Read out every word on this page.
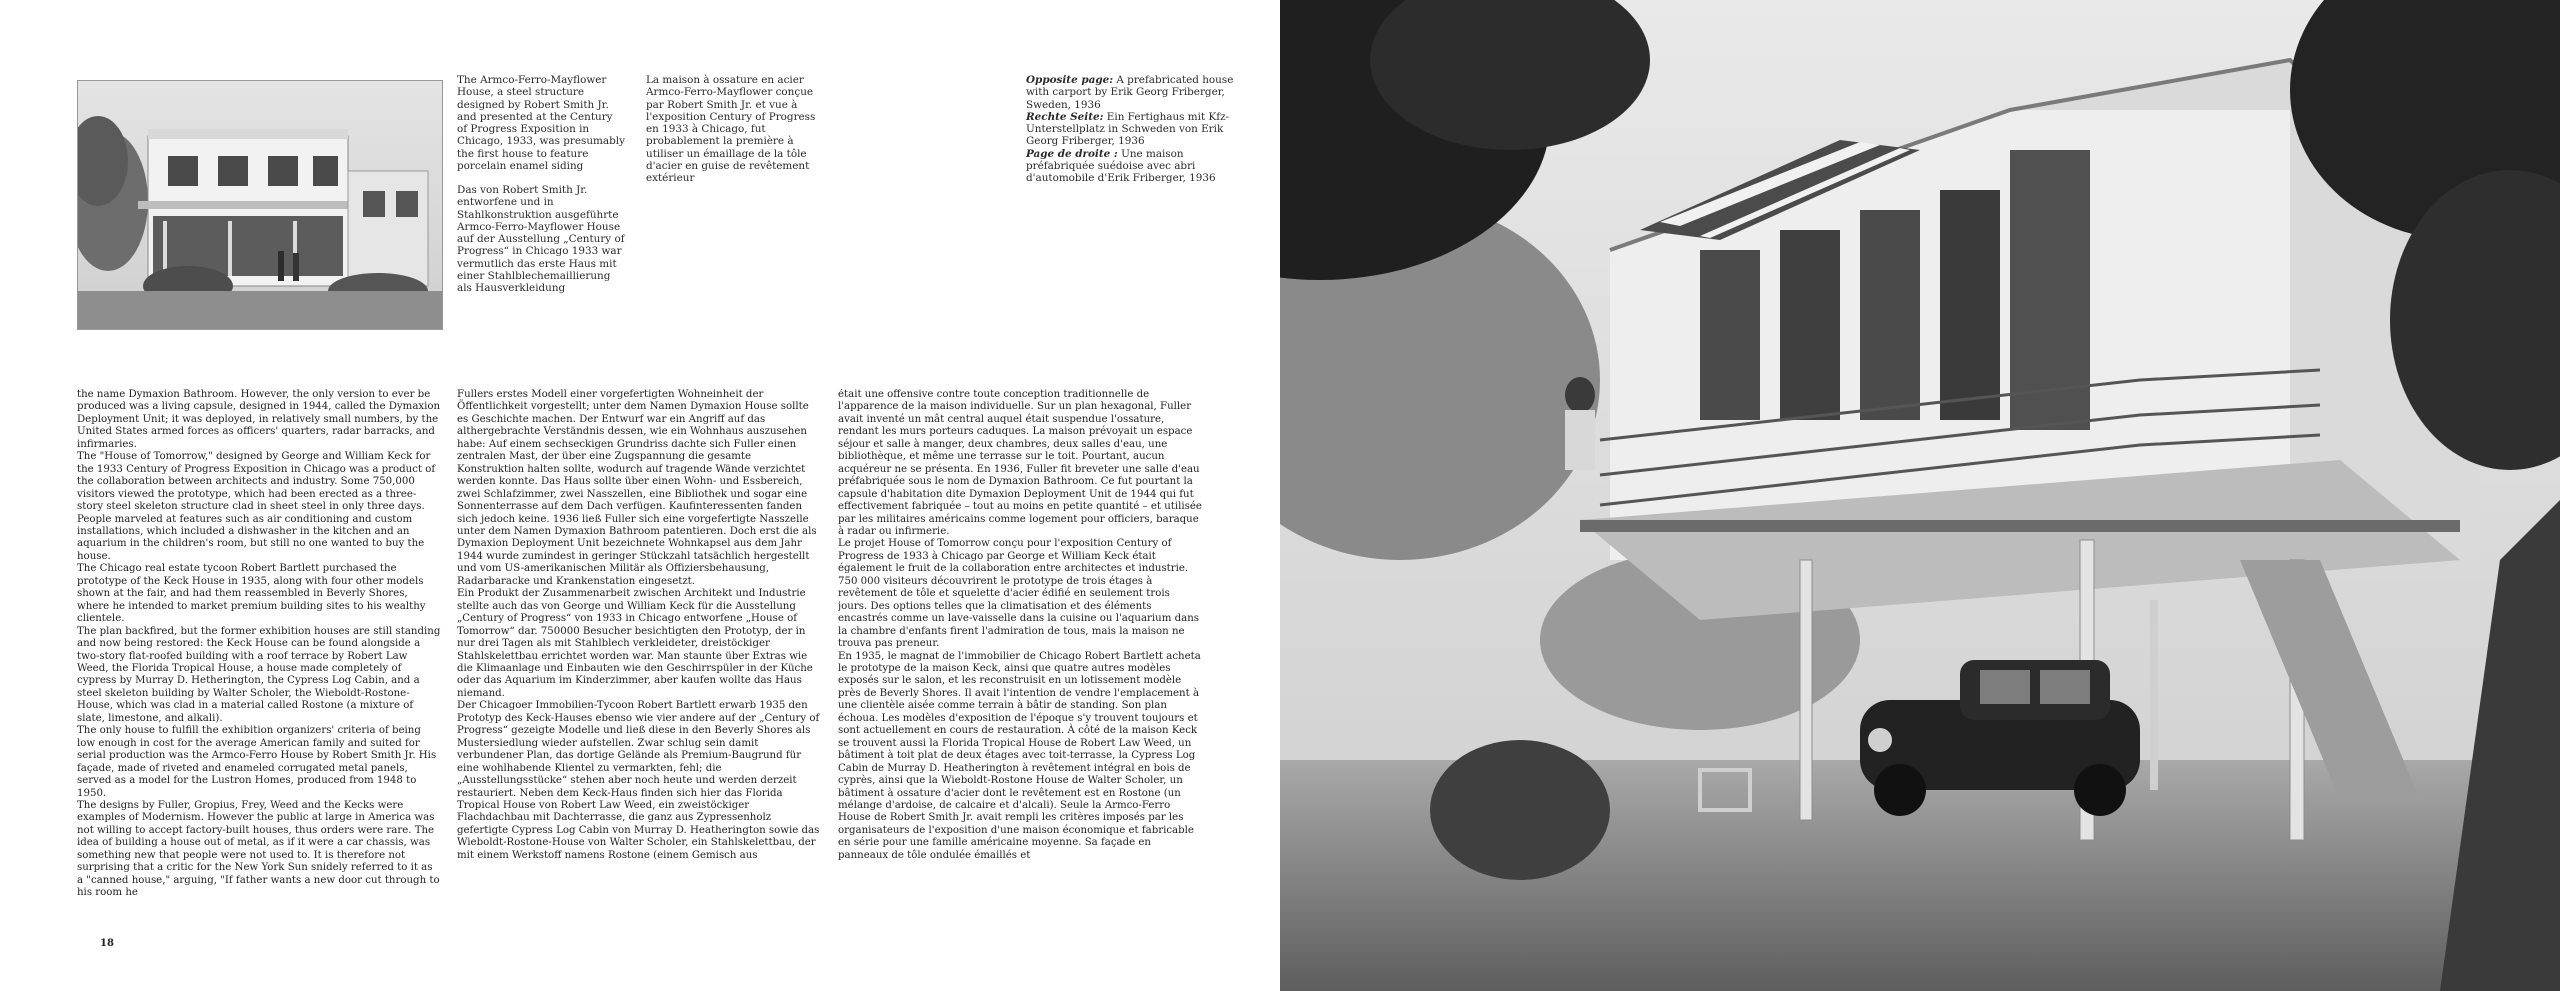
The Armco-Ferro-Mayflower House, a steel structure designed by Robert Smith Jr. and presented at the Century of Progress Exposition in Chicago, 1933, was presumably the first house to feature porcelain enamel siding

Das von Robert Smith Jr. entworfene und in Stahlkonstruktion ausgeführte Armco-Ferro-Mayflower House auf der Ausstellung „Century of Progress“ in Chicago 1933 war vermutlich das erste Haus mit einer Stahlblechemaillierung als Hausverkleidung

La maison à ossature en acier Armco-Ferro-Mayflower conçue par Robert Smith Jr. et vue à l'exposition Century of Progress en 1933 à Chicago, fut probablement la première à utiliser un émaillage de la tôle d'acier en guise de revêtement extérieur

Opposite page: A prefabricated house with carport by Erik Georg Friberger, Sweden, 1936

Rechte Seite: Ein Fertighaus mit Kfz-Unterstellplatz in Schweden von Erik Georg Friberger, 1936

Page de droite : Une maison préfabriquée suédoise avec abri d'automobile d'Erik Friberger, 1936

the name Dymaxion Bathroom. However, the only version to ever be produced was a living capsule, designed in 1944, called the Dymaxion Deployment Unit; it was deployed, in relatively small numbers, by the United States armed forces as officers' quarters, radar barracks, and infirmaries.

The "House of Tomorrow," designed by George and William Keck for the 1933 Century of Progress Exposition in Chicago was a product of the collaboration between architects and industry. Some 750,000 visitors viewed the prototype, which had been erected as a three-story steel skeleton structure clad in sheet steel in only three days. People marveled at features such as air conditioning and custom installations, which included a dishwasher in the kitchen and an aquarium in the children's room, but still no one wanted to buy the house.

The Chicago real estate tycoon Robert Bartlett purchased the prototype of the Keck House in 1935, along with four other models shown at the fair, and had them reassembled in Beverly Shores, where he intended to market premium building sites to his wealthy clientele.

The plan backfired, but the former exhibition houses are still standing and now being restored: the Keck House can be found alongside a two-story flat-roofed building with a roof terrace by Robert Law Weed, the Florida Tropical House, a house made completely of cypress by Murray D. Hetherington, the Cypress Log Cabin, and a steel skeleton building by Walter Scholer, the Wieboldt-Rostone-House, which was clad in a material called Rostone (a mixture of slate, limestone, and alkali).

The only house to fulfill the exhibition organizers' criteria of being low enough in cost for the average American family and suited for serial production was the Armco-Ferro House by Robert Smith Jr. His façade, made of riveted and enameled corrugated metal panels, served as a model for the Lustron Homes, produced from 1948 to 1950.

The designs by Fuller, Gropius, Frey, Weed and the Kecks were examples of Modernism. However the public at large in America was not willing to accept factory-built houses, thus orders were rare. The idea of building a house out of metal, as if it were a car chassis, was something new that people were not used to. It is therefore not surprising that a critic for the New York Sun snidely referred to it as a "canned house," arguing, "If father wants a new door cut through to his room he

Fullers erstes Modell einer vorgefertigten Wohneinheit der Öffentlichkeit vorgestellt; unter dem Namen Dymaxion House sollte es Geschichte machen. Der Entwurf war ein Angriff auf das althergebrachte Verständnis dessen, wie ein Wohnhaus auszusehen habe: Auf einem sechseckigen Grundriss dachte sich Fuller einen zentralen Mast, der über eine Zugspannung die gesamte Konstruktion halten sollte, wodurch auf tragende Wände verzichtet werden konnte. Das Haus sollte über einen Wohn- und Essbereich, zwei Schlafzimmer, zwei Nasszellen, eine Bibliothek und sogar eine Sonnenterrasse auf dem Dach verfügen. Kaufinteressenten fanden sich jedoch keine. 1936 ließ Fuller sich eine vorgefertigte Nasszelle unter dem Namen Dymaxion Bathroom patentieren. Doch erst die als Dymaxion Deployment Unit bezeichnete Wohnkapsel aus dem Jahr 1944 wurde zumindest in geringer Stückzahl tatsächlich hergestellt und vom US-amerikanischen Militär als Offiziersbehausung, Radarbaracke und Krankenstation eingesetzt.

Ein Produkt der Zusammenarbeit zwischen Architekt und Industrie stellte auch das von George und William Keck für die Ausstellung „Century of Progress“ von 1933 in Chicago entworfene „House of Tomorrow“ dar. 750000 Besucher besichtigten den Prototyp, der in nur drei Tagen als mit Stahlblech verkleideter, dreistöckiger Stahlskelettbau errichtet worden war. Man staunte über Extras wie die Klimaanlage und Einbauten wie den Geschirrspüler in der Küche oder das Aquarium im Kinderzimmer, aber kaufen wollte das Haus niemand.

Der Chicagoer Immobilien-Tycoon Robert Bartlett erwarb 1935 den Prototyp des Keck-Hauses ebenso wie vier andere auf der „Century of Progress“ gezeigte Modelle und ließ diese in den Beverly Shores als Mustersiedlung wieder aufstellen. Zwar schlug sein damit verbundener Plan, das dortige Gelände als Premium-Baugrund für eine wohlhabende Klientel zu vermarkten, fehl; die „Ausstellungsstücke“ stehen aber noch heute und werden derzeit restauriert. Neben dem Keck-Haus finden sich hier das Florida Tropical House von Robert Law Weed, ein zweistöckiger Flachdachbau mit Dachterrasse, die ganz aus Zypressenholz gefertigte Cypress Log Cabin von Murray D. Heatherington sowie das Wieboldt-Rostone-House von Walter Scholer, ein Stahlskelettbau, der mit einem Werkstoff namens Rostone (einem Gemisch aus

était une offensive contre toute conception traditionnelle de l'apparence de la maison individuelle. Sur un plan hexagonal, Fuller avait inventé un mât central auquel était suspendue l'ossature, rendant les murs porteurs caduques. La maison prévoyait un espace séjour et salle à manger, deux chambres, deux salles d'eau, une bibliothèque, et même une terrasse sur le toit. Pourtant, aucun acquéreur ne se présenta. En 1936, Fuller fit breveter une salle d'eau préfabriquée sous le nom de Dymaxion Bathroom. Ce fut pourtant la capsule d'habitation dite Dymaxion Deployment Unit de 1944 qui fut effectivement fabriquée – tout au moins en petite quantité – et utilisée par les militaires américains comme logement pour officiers, baraque à radar ou infirmerie.

Le projet House of Tomorrow conçu pour l'exposition Century of Progress de 1933 à Chicago par George et William Keck était également le fruit de la collaboration entre architectes et industrie. 750 000 visiteurs découvrirent le prototype de trois étages à revêtement de tôle et squelette d'acier édifié en seulement trois jours. Des options telles que la climatisation et des éléments encastrés comme un lave-vaisselle dans la cuisine ou l'aquarium dans la chambre d'enfants firent l'admiration de tous, mais la maison ne trouva pas preneur.

En 1935, le magnat de l'immobilier de Chicago Robert Bartlett acheta le prototype de la maison Keck, ainsi que quatre autres modèles exposés sur le salon, et les reconstruisit en un lotissement modèle près de Beverly Shores. Il avait l'intention de vendre l'emplacement à une clientèle aisée comme terrain à bâtir de standing. Son plan échoua. Les modèles d'exposition de l'époque s'y trouvent toujours et sont actuellement en cours de restauration. À côté de la maison Keck se trouvent aussi la Florida Tropical House de Robert Law Weed, un bâtiment à toit plat de deux étages avec toit-terrasse, la Cypress Log Cabin de Murray D. Heatherington à revêtement intégral en bois de cyprès, ainsi que la Wieboldt-Rostone House de Walter Scholer, un bâtiment à ossature d'acier dont le revêtement est en Rostone (un mélange d'ardoise, de calcaire et d'alcali). Seule la Armco-Ferro House de Robert Smith Jr. avait rempli les critères imposés par les organisateurs de l'exposition d'une maison économique et fabricable en série pour une famille américaine moyenne. Sa façade en panneaux de tôle ondulée émaillés et

18
